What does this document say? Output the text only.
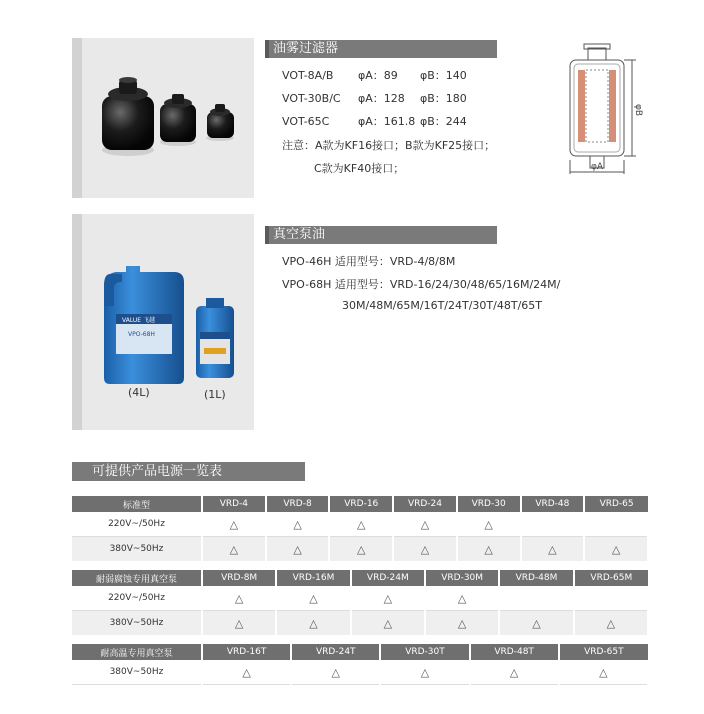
油雾过滤器
VOT-8A/B φA：89 φB：140
VOT-30B/C φA：128 φB：180
VOT-65C	φA：161.8 φB：244
注意：A款为KF16接口；B款为KF25接口；
C款为KF40接口；	φA
φB
VALUE 飞越
VPO-68H
(4L)	(1L)
真空泵油
VPO-46H 适用型号：VRD-4/8/8M
VPO-68H 适用型号：VRD-16/24/30/48/65/16M/24M/
30M/48M/65M/16T/24T/30T/48T/65T
可提供产品电源一览表
标准型	VRD-4	VRD-8	VRD-16	VRD-24	VRD-30	VRD-48	VRD-65
220V~/50Hz	△	△	△	△	△		
380V~50Hz	△	△	△	△	△	△	△
耐弱腐蚀专用真空泵	VRD-8M	VRD-16M	VRD-24M	VRD-30M	VRD-48M	VRD-65M
220V~/50Hz	△	△	△	△		
380V~50Hz	△	△	△	△	△	△
耐高温专用真空泵	VRD-16T	VRD-24T	VRD-30T	VRD-48T	VRD-65T
380V~50Hz	△	△	△	△	△
